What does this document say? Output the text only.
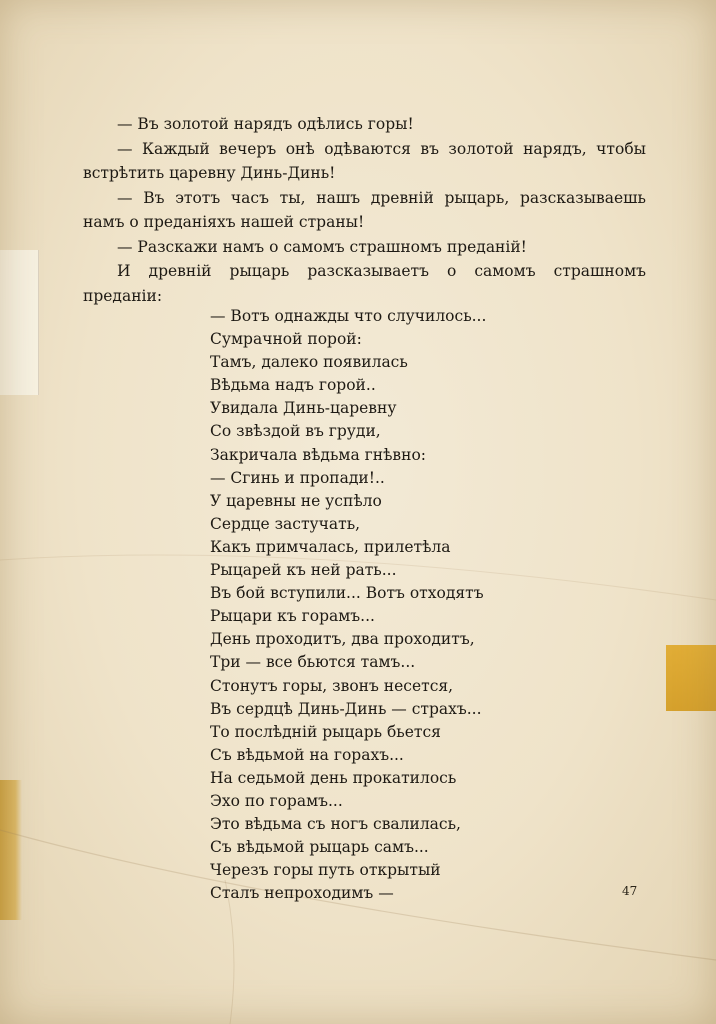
— Въ золотой нарядъ одѣлись горы!

— Каждый вечеръ онѣ одѣваются въ золотой нарядъ, чтобы встрѣтить царевну Динь-Динь!

— Въ этотъ часъ ты, нашъ древній рыцарь, разсказываешь намъ о преданіяхъ нашей страны!

— Разскажи намъ о самомъ страшномъ преданій!

И древній рыцарь разсказываетъ о самомъ страшномъ преданіи:

— Вотъ однажды что случилось...
Сумрачной порой:
Тамъ, далеко появилась
Вѣдьма надъ горой..
Увидала Динь-царевну
Со звѣздой въ груди,
Закричала вѣдьма гнѣвно:
— Сгинь и пропади!..
У царевны не успѣло
Сердце застучать,
Какъ примчалась, прилетѣла
Рыцарей къ ней рать...
Въ бой вступили... Вотъ отходятъ
Рыцари къ горамъ...
День проходитъ, два проходитъ,
Три — все бьются тамъ...
Стонутъ горы, звонъ несется,
Въ сердцѣ Динь-Динь — страхъ...
То послѣдній рыцарь бьется
Съ вѣдьмой на горахъ...
На седьмой день прокатилось
Эхо по горамъ...
Это вѣдьма съ ногъ свалилась,
Съ вѣдьмой рыцарь самъ...
Черезъ горы путь открытый
Сталъ непроходимъ —	47
